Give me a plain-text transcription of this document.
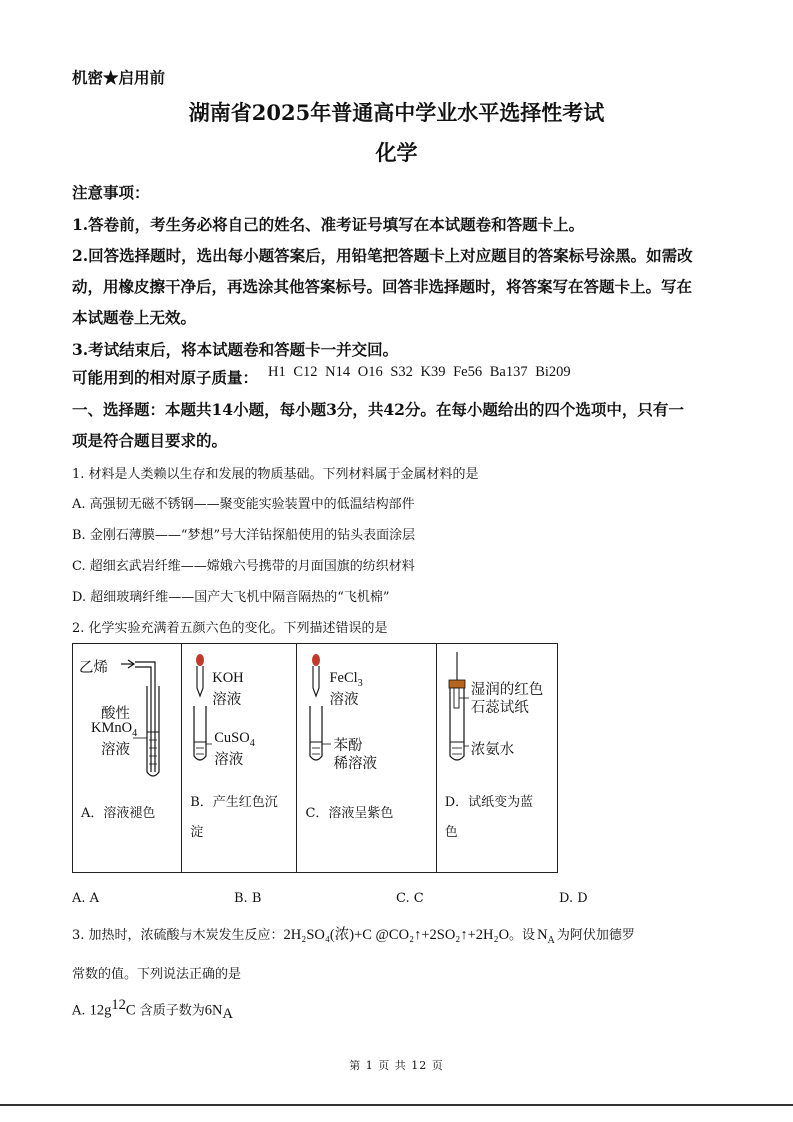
机密★启用前
湖南省2025年普通高中学业水平选择性考试
化学
注意事项：
1.答卷前，考生务必将自己的姓名、准考证号填写在本试题卷和答题卡上。
2.回答选择题时，选出每小题答案后，用铅笔把答题卡上对应题目的答案标号涂黑。如需改
动，用橡皮擦干净后，再选涂其他答案标号。回答非选择题时，将答案写在答题卡上。写在
本试题卷上无效。
3.考试结束后，将本试题卷和答题卡一并交回。
可能用到的相对原子质量： H1 C12 N14 O16 S32 K39 Fe56 Ba137 Bi209
一、选择题：本题共14小题，每小题3分，共42分。在每小题给出的四个选项中，只有一
项是符合题目要求的。
1. 材料是人类赖以生存和发展的物质基础。下列材料属于金属材料的是
A. 高强韧无磁不锈钢——聚变能实验装置中的低温结构部件
B. 金刚石薄膜——“梦想”号大洋钻探船使用的钻头表面涂层
C. 超细玄武岩纤维——嫦娥六号携带的月面国旗的纺织材料
D. 超细玻璃纤维——国产大飞机中隔音隔热的“飞机棉”
2. 化学实验充满着五颜六色的变化。下列描述错误的是
乙烯
酸性
KMnO$_4$
溶液
A．溶液褪色

KOH
溶液
CuSO$_4$
溶液
B．产生红色沉
淀

FeCl$_3$
溶液
苯酚
稀溶液
C．溶液呈紫色

湿润的红色
石蕊试纸
浓氨水
D．试纸变为蓝
色
A. A	B. B	C. C	D. D
3. 加热时，浓硫酸与木炭发生反应：2H₂SO₄(浓)+C @CO₂↑+2SO₂↑+2H₂O。设 $N_A$ 为阿伏加德罗
常数的值。下列说法正确的是
A. $12g^{12}C$ 含质子数为$6N_A$
第 1 页 共 12 页
